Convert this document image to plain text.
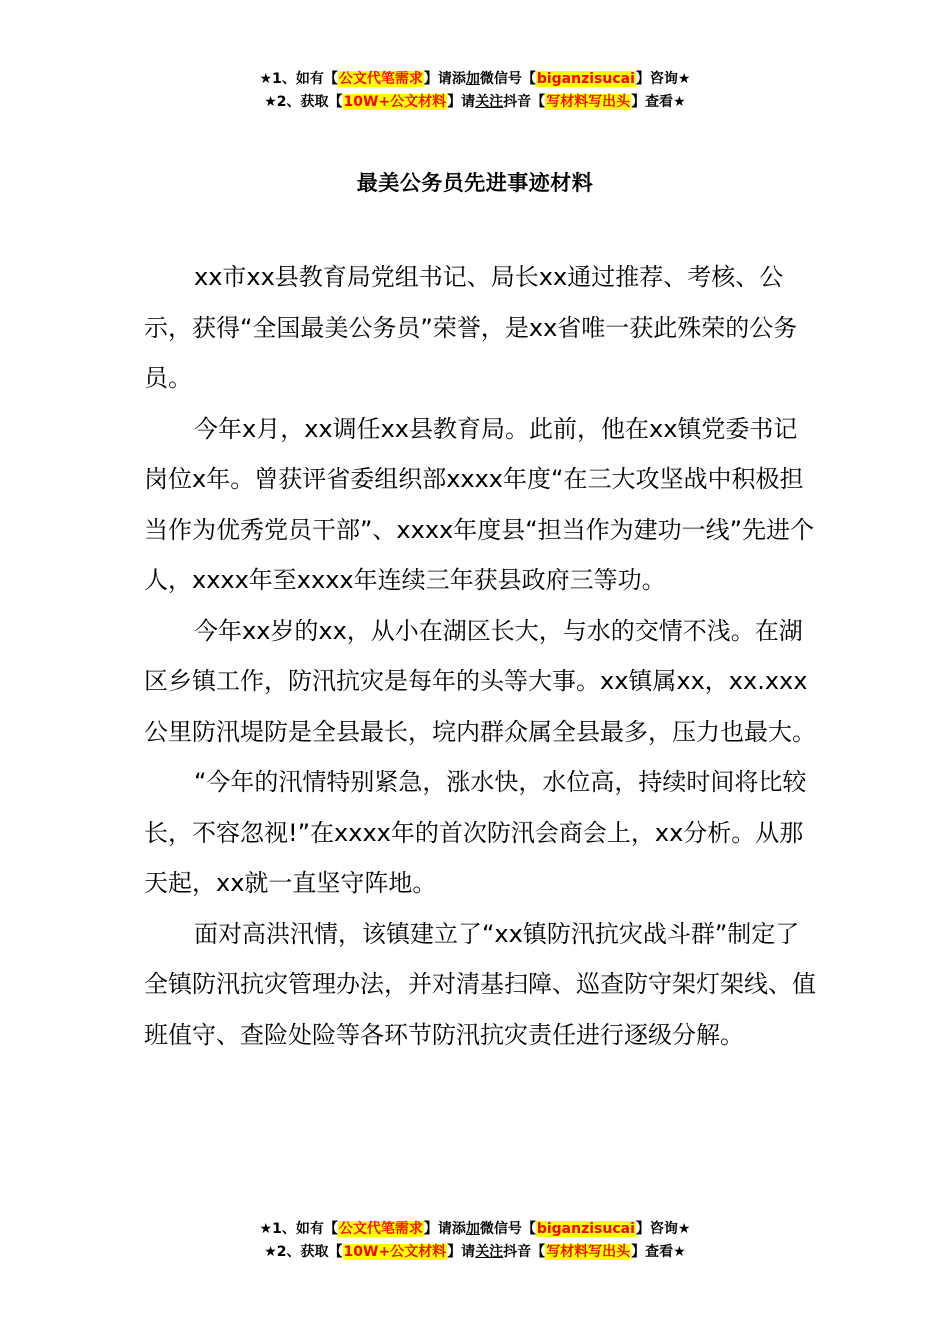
★1、如有【公文代笔需求】请添加微信号【biganzisucai】咨询★
★2、获取【10W+公文材料】请关注抖音【写材料写出头】查看★
最美公务员先进事迹材料

xx市xx县教育局党组书记、局长xx通过推荐、考核、公示，获得“全国最美公务员”荣誉，是xx省唯一获此殊荣的公务员。

今年x月，xx调任xx县教育局。此前，他在xx镇党委书记岗位x年。曾获评省委组织部xxxx年度“在三大攻坚战中积极担当作为优秀党员干部”、xxxx年度县“担当作为建功一线”先进个人，xxxx年至xxxx年连续三年获县政府三等功。

今年xx岁的xx，从小在湖区长大，与水的交情不浅。在湖区乡镇工作，防汛抗灾是每年的头等大事。xx镇属xx，xx.xxx公里防汛堤防是全县最长，垸内群众属全县最多，压力也最大。

“今年的汛情特别紧急，涨水快，水位高，持续时间将比较长，不容忽视!”在xxxx年的首次防汛会商会上，xx分析。从那天起，xx就一直坚守阵地。

面对高洪汛情，该镇建立了“xx镇防汛抗灾战斗群”制定了全镇防汛抗灾管理办法，并对清基扫障、巡查防守架灯架线、值班值守、查险处险等各环节防汛抗灾责任进行逐级分解。

★1、如有【公文代笔需求】请添加微信号【biganzisucai】咨询★
★2、获取【10W+公文材料】请关注抖音【写材料写出头】查看★
